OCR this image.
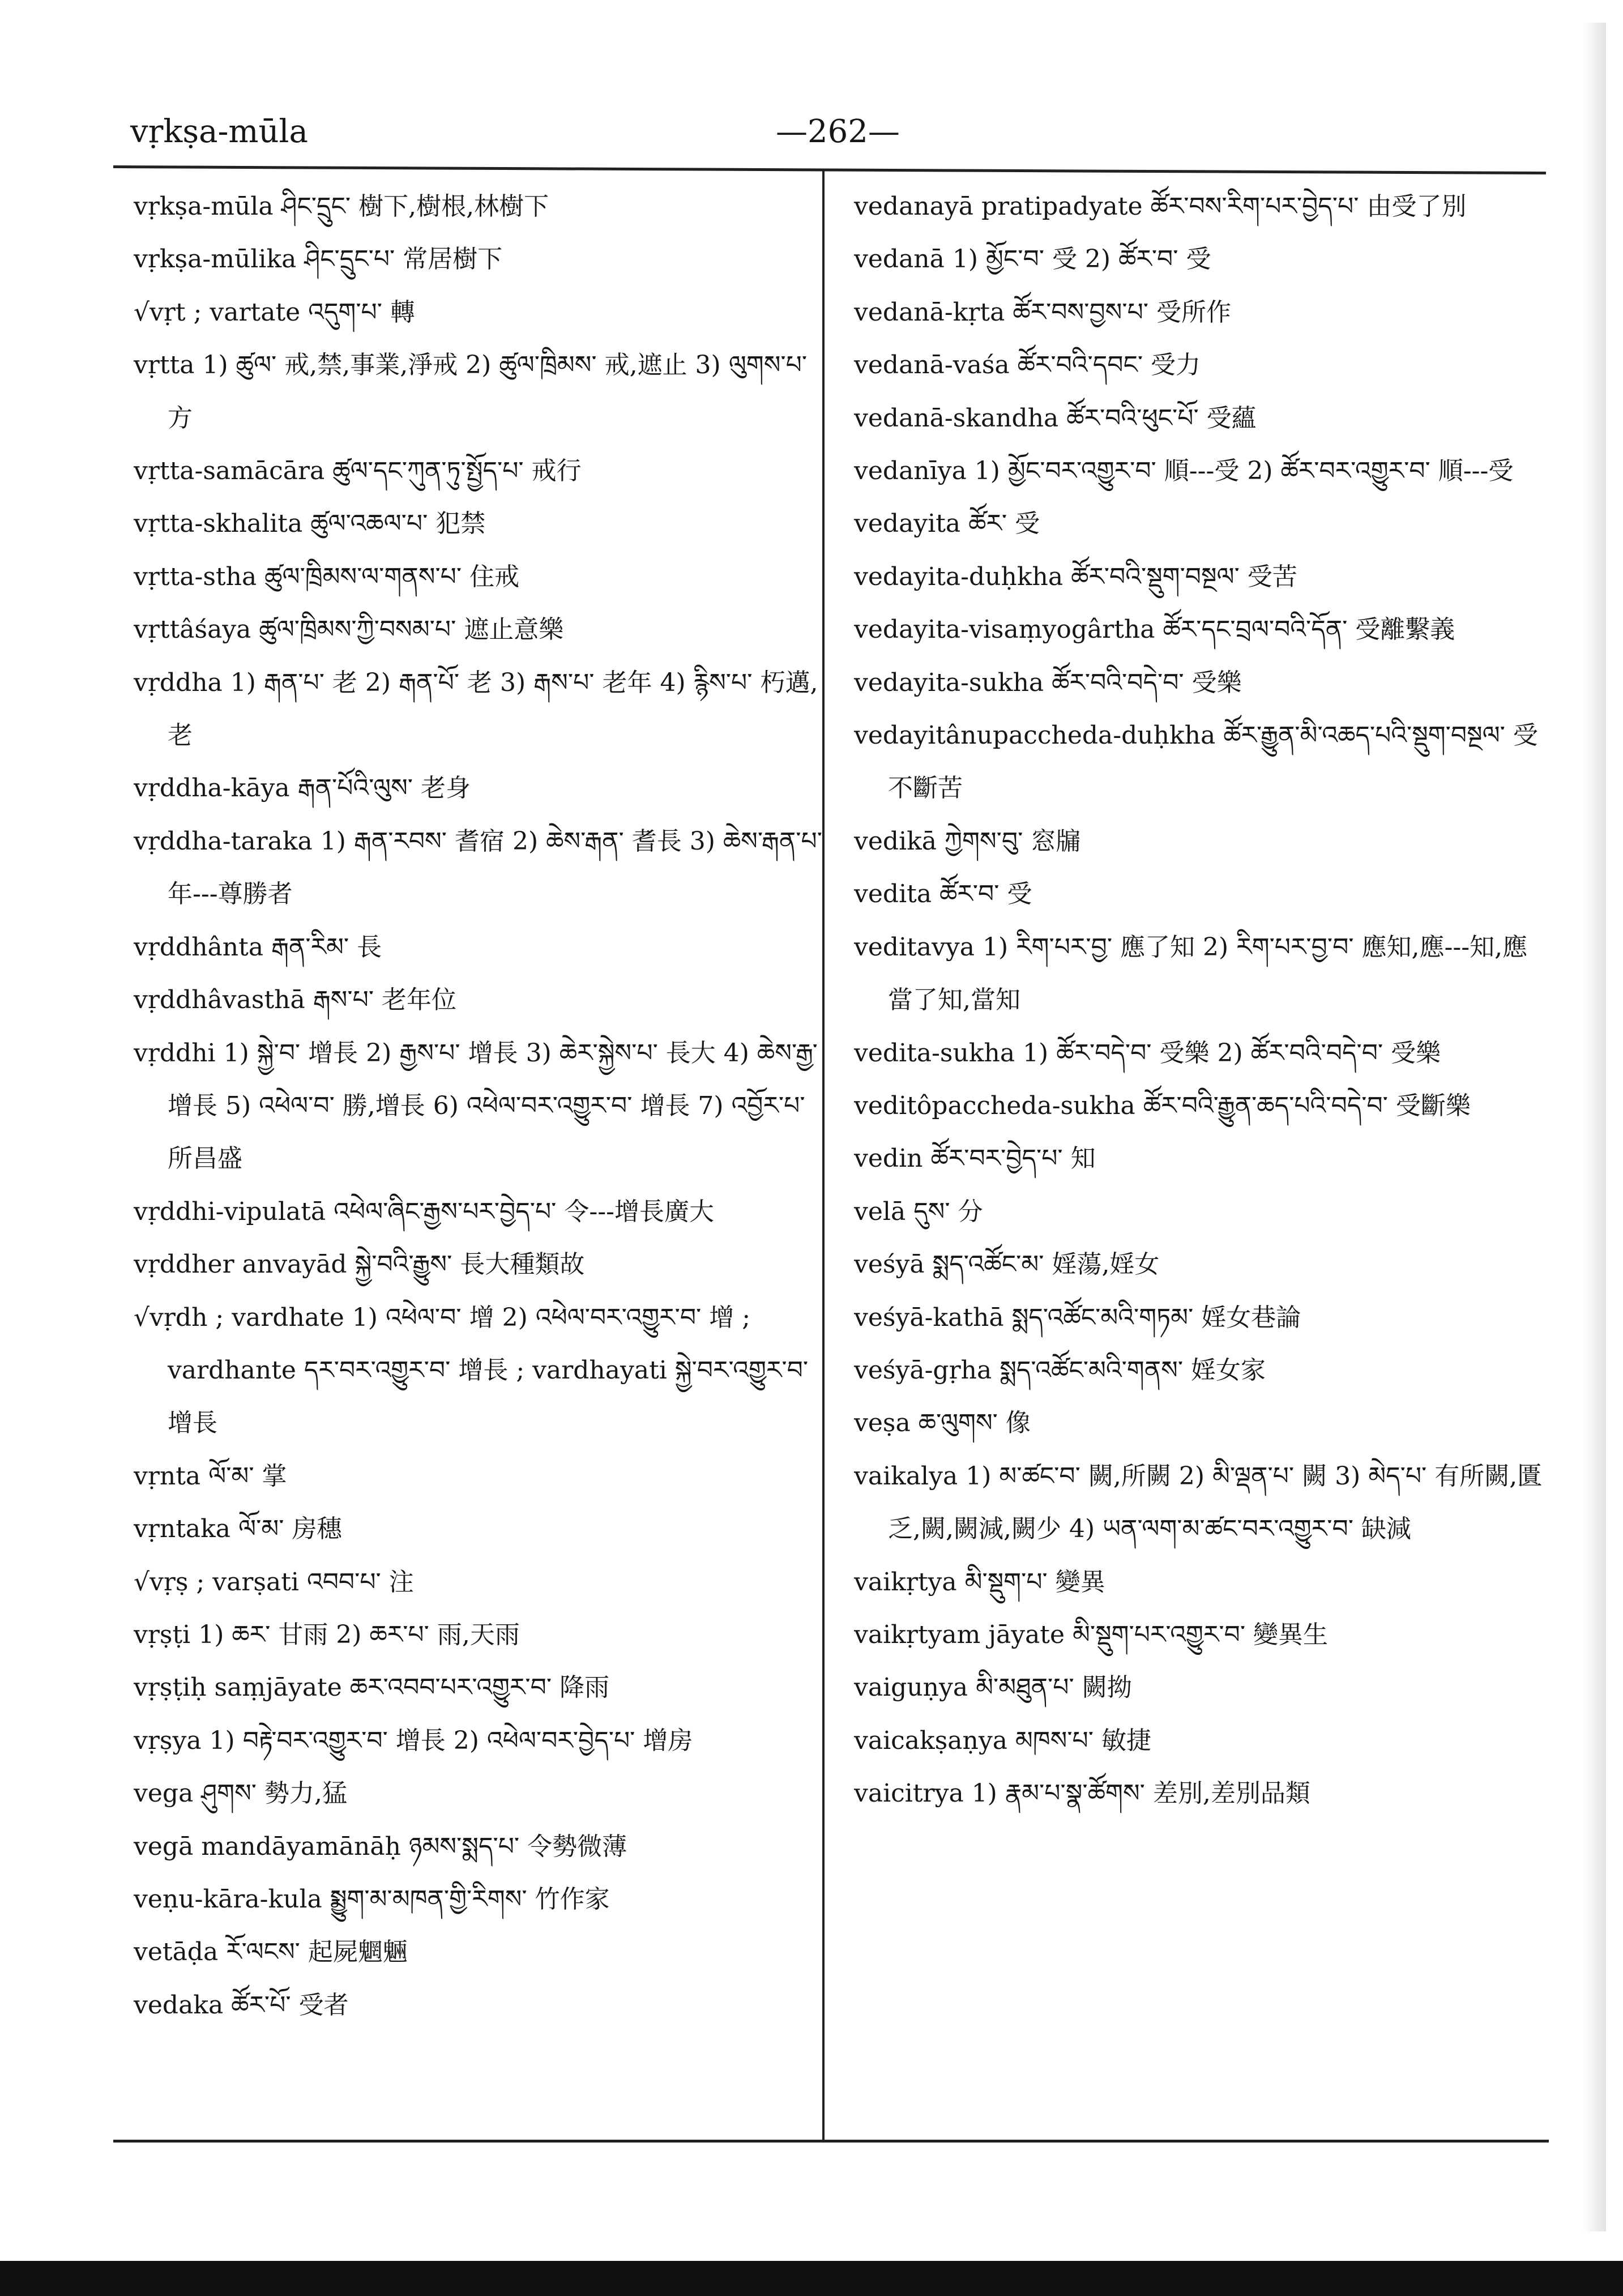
vṛkṣa-mūla	—262—
vṛkṣa-mūla ཤིང་དྲུང་ 樹下,樹根,林樹下
vṛkṣa-mūlika ཤིང་དྲུང་པ་ 常居樹下
√vṛt ; vartate འདུག་པ་ 轉
vṛtta 1) ཚུལ་ 戒,禁,事業,淨戒 2) ཚུལ་ཁྲིམས་ 戒,遮止 3) ལུགས་པ་ 方
vṛtta-samācāra ཚུལ་དང་ཀུན་ཏུ་སྤྱོད་པ་ 戒行
vṛtta-skhalita ཚུལ་འཆལ་པ་ 犯禁
vṛtta-stha ཚུལ་ཁྲིམས་ལ་གནས་པ་ 住戒
vṛttâśaya ཚུལ་ཁྲིམས་ཀྱི་བསམ་པ་ 遮止意樂
vṛddha 1) རྒན་པ་ 老 2) རྒན་པོ་ 老 3) རྒས་པ་ 老年 4) རྙིས་པ་ 朽邁,老
vṛddha-kāya རྒན་པོའི་ལུས་ 老身
vṛddha-taraka 1) རྒན་རབས་ 耆宿 2) ཆེས་རྒན་ 耆長 3) ཆེས་རྒན་པ་ 年---尊勝者
vṛddhânta རྒན་རིམ་ 長
vṛddhâvasthā རྒས་པ་ 老年位
vṛddhi 1) སྐྱེ་བ་ 增長 2) རྒྱས་པ་ 增長 3) ཆེར་སྐྱེས་པ་ 長大 4) ཆེས་རྒྱ་ 增長 5) འཕེལ་བ་ 勝,增長 6) འཕེལ་བར་འགྱུར་བ་ 增長 7) འབྱོར་པ་ 所昌盛
vṛddhi-vipulatā འཕེལ་ཞིང་རྒྱས་པར་བྱེད་པ་ 令---增長廣大
vṛddher anvayād སྐྱེ་བའི་རྒྱུས་ 長大種類故
√vṛdh ; vardhate 1) འཕེལ་བ་ 增 2) འཕེལ་བར་འགྱུར་བ་ 增 ; vardhante དར་བར་འགྱུར་བ་ 增長 ; vardhayati སྐྱེ་བར་འགྱུར་བ་ 增長
vṛnta ལོ་མ་ 掌
vṛntaka ལོ་མ་ 房穗
√vṛṣ ; varṣati འབབ་པ་ 注
vṛṣṭi 1) ཆར་ 甘雨 2) ཆར་པ་ 雨,天雨
vṛṣṭiḥ saṃjāyate ཆར་འབབ་པར་འགྱུར་བ་ 降雨
vṛṣya 1) བརྟེ་བར་འགྱུར་བ་ 增長 2) འཕེལ་བར་བྱེད་པ་ 增房
vega ཤུགས་ 勢力,猛
vegā mandāyamānāḥ ཉམས་སྨད་པ་ 令勢微薄
veṇu-kāra-kula སྨྱུག་མ་མཁན་གྱི་རིགས་ 竹作家
vetāḍa རོ་ལངས་ 起屍魍魎
vedaka ཚོར་པོ་ 受者
vedanayā pratipadyate ཚོར་བས་རིག་པར་བྱེད་པ་ 由受了別
vedanā 1) མྱོང་བ་ 受 2) ཚོར་བ་ 受
vedanā-kṛta ཚོར་བས་བྱས་པ་ 受所作
vedanā-vaśa ཚོར་བའི་དབང་ 受力
vedanā-skandha ཚོར་བའི་ཕུང་པོ་ 受蘊
vedanīya 1) མྱོང་བར་འགྱུར་བ་ 順---受 2) ཚོར་བར་འགྱུར་བ་ 順---受
vedayita ཚོར་ 受
vedayita-duḥkha ཚོར་བའི་སྡུག་བསྔལ་ 受苦
vedayita-visaṃyogârtha ཚོར་དང་བྲལ་བའི་དོན་ 受離繫義
vedayita-sukha ཚོར་བའི་བདེ་བ་ 受樂
vedayitânupaccheda-duḥkha ཚོར་རྒྱུན་མི་འཆད་པའི་སྡུག་བསྔལ་ 受不斷苦
vedikā ཀྱེགས་བུ་ 窓牖
vedita ཚོར་བ་ 受
veditavya 1) རིག་པར་བྱ་ 應了知 2) རིག་པར་བྱ་བ་ 應知,應---知,應當了知,當知
vedita-sukha 1) ཚོར་བདེ་བ་ 受樂 2) ཚོར་བའི་བདེ་བ་ 受樂
veditôpaccheda-sukha ཚོར་བའི་རྒྱུན་ཆད་པའི་བདེ་བ་ 受斷樂
vedin ཚོར་བར་བྱེད་པ་ 知
velā དུས་ 分
veśyā སྨད་འཚོང་མ་ 婬蕩,婬女
veśyā-kathā སྨད་འཚོང་མའི་གཏམ་ 婬女巷論
veśyā-gṛha སྨད་འཚོང་མའི་གནས་ 婬女家
veṣa ཆ་ལུགས་ 像
vaikalya 1) མ་ཚང་བ་ 闕,所闕 2) མི་ལྡན་པ་ 闕 3) མེད་པ་ 有所闕,匱乏,闕,闕減,闕少 4) ཡན་ལག་མ་ཚང་བར་འགྱུར་བ་ 缺減
vaikṛtya མི་སྡུག་པ་ 變異
vaikṛtyam jāyate མི་སྡུག་པར་འགྱུར་བ་ 變異生
vaiguṇya མི་མཐུན་པ་ 闕拗
vaicakṣaṇya མཁས་པ་ 敏捷
vaicitrya 1) རྣམ་པ་སྣ་ཚོགས་ 差別,差別品類
